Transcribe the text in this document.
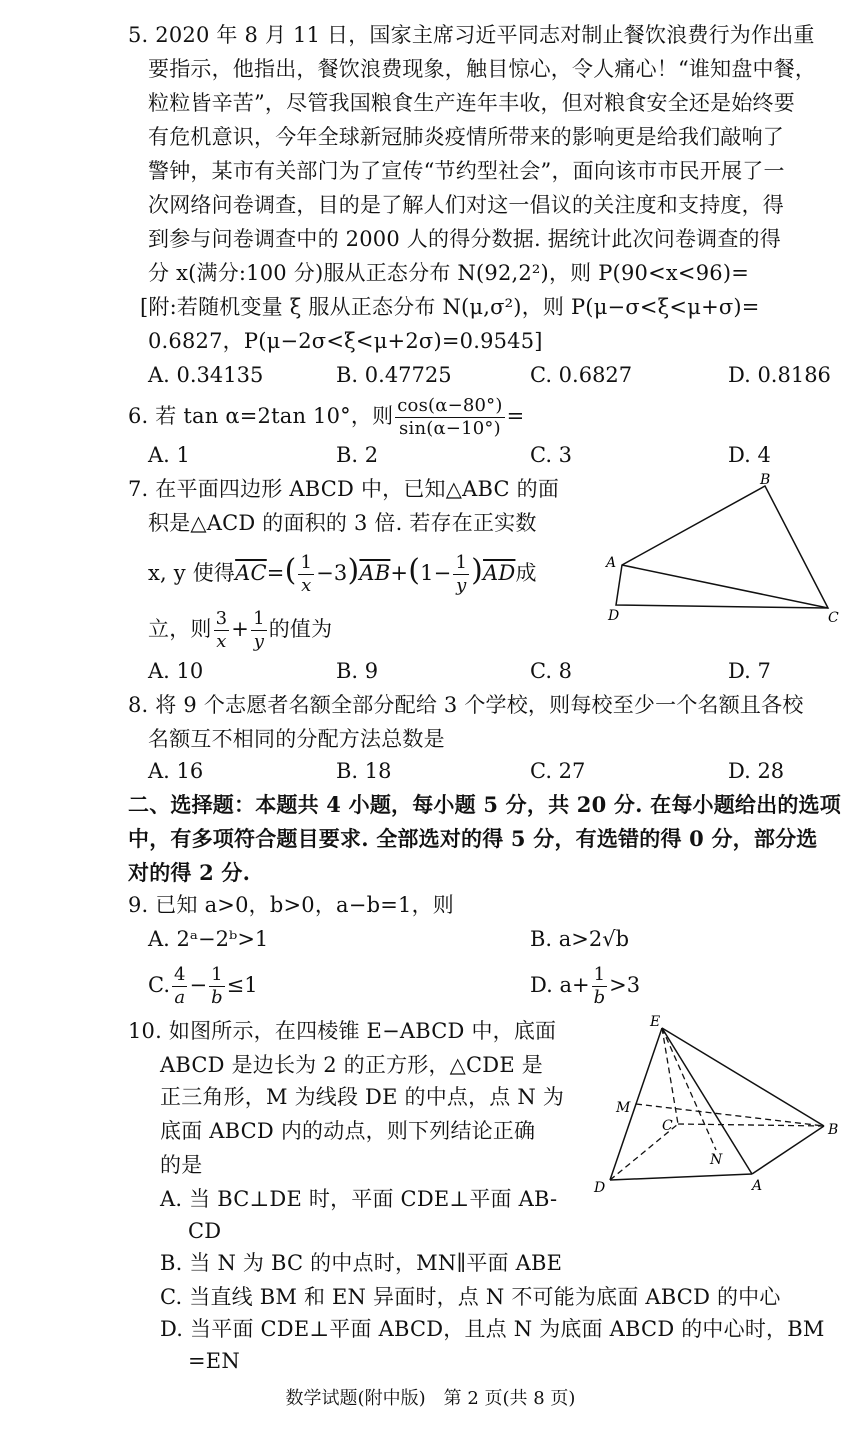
5. 2020 年 8 月 11 日，国家主席习近平同志对制止餐饮浪费行为作出重
要指示，他指出，餐饮浪费现象，触目惊心，令人痛心！“谁知盘中餐，
粒粒皆辛苦”，尽管我国粮食生产连年丰收，但对粮食安全还是始终要
有危机意识，今年全球新冠肺炎疫情所带来的影响更是给我们敲响了
警钟，某市有关部门为了宣传“节约型社会”，面向该市市民开展了一
次网络问卷调查，目的是了解人们对这一倡议的关注度和支持度，得
到参与问卷调查中的 2000 人的得分数据. 据统计此次问卷调查的得
分 x(满分:100 分)服从正态分布 N(92,2²)，则 P(90<x<96)=
[附:若随机变量 ξ 服从正态分布 N(μ,σ²)，则 P(μ−σ<ξ<μ+σ)=
0.6827，P(μ−2σ<ξ<μ+2σ)=0.9545]
A. 0.34135	B. 0.47725	C. 0.6827	D. 0.8186
6. 若 tan α=2tan 10°，则 $\frac{\cos(\alpha-80^\circ)}{\sin(\alpha-10^\circ)}$ =
A. 1	B. 2	C. 3	D. 4
7. 在平面四边形 ABCD 中，已知△ABC 的面
积是△ACD 的面积的 3 倍. 若存在正实数
x, y 使得$\overline{AC}=( \frac{1}{x} -3)\overline{AB}+(1- \frac{1}{y} )\overline{AD}$成
立，则 $\frac{3}{x} + \frac{1}{y}$ 的值为
A
B
C
D
A. 10	B. 9	C. 8	D. 7
8. 将 9 个志愿者名额全部分配给 3 个学校，则每校至少一个名额且各校
名额互不相同的分配方法总数是
A. 16	B. 18	C. 27	D. 28
二、选择题：本题共 4 小题，每小题 5 分，共 20 分. 在每小题给出的选项
中，有多项符合题目要求. 全部选对的得 5 分，有选错的得 0 分，部分选
对的得 2 分.
9. 已知 a>0，b>0，a−b=1，则
A. 2ᵃ−2ᵇ>1	B. a>2√b
C. $\frac{4}{a} - \frac{1}{b} \le 1$	D. $a+ \frac{1}{b} >3$
10. 如图所示，在四棱锥 E−ABCD 中，底面
ABCD 是边长为 2 的正方形，△CDE 是
正三角形，M 为线段 DE 的中点，点 N 为
底面 ABCD 内的动点，则下列结论正确
的是
A. 当 BC⊥DE 时，平面 CDE⊥平面 AB-
CD
B. 当 N 为 BC 的中点时，MN∥平面 ABE
C. 当直线 BM 和 EN 异面时，点 N 不可能为底面 ABCD 的中心
D. 当平面 CDE⊥平面 ABCD，且点 N 为底面 ABCD 的中心时，BM
=EN
E
M
C	B
N
D	A
数学试题(附中版)　第 2 页(共 8 页)
